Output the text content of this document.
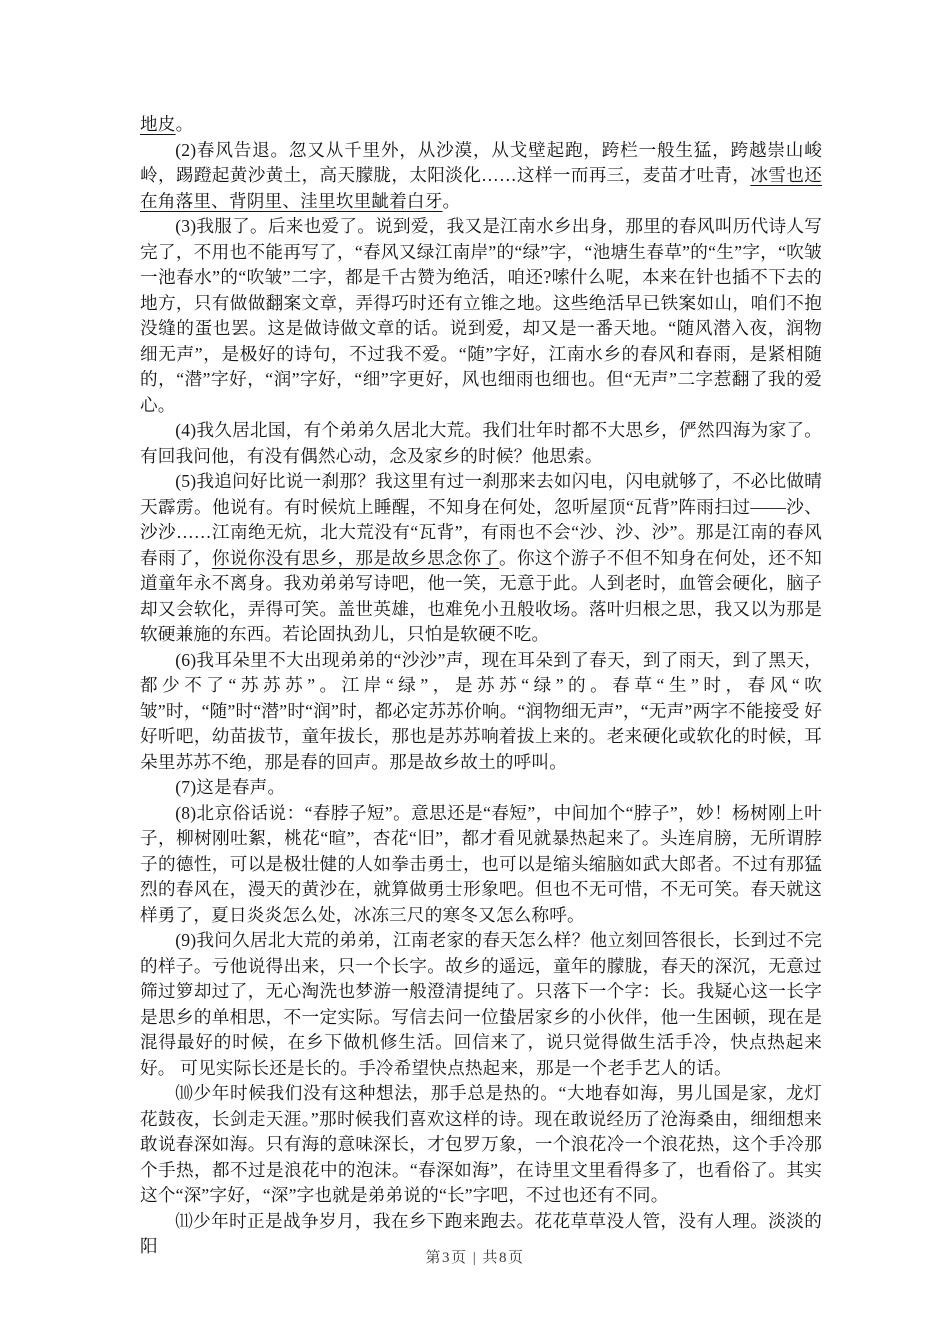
地皮。

(2)春风告退。忽又从千里外，从沙漠，从戈壁起跑，跨栏一般生猛，跨越崇山峻岭，踢蹬起黄沙黄土，高天朦胧，太阳淡化……这样一而再三，麦苗才吐青，冰雪也还在角落里、背阴里、洼里坎里龇着白牙。

(3)我服了。后来也爱了。说到爱，我又是江南水乡出身，那里的春风叫历代诗人写完了，不用也不能再写了，“春风又绿江南岸”的“绿”字，“池塘生春草”的“生”字，“吹皱一池春水”的“吹皱”二字，都是千古赞为绝活，咱还?嗦什么呢，本来在针也插不下去的地方，只有做做翻案文章，弄得巧时还有立锥之地。这些绝活早已铁案如山，咱们不抱没缝的蛋也罢。这是做诗做文章的话。说到爱，却又是一番天地。“随风潜入夜，润物细无声”，是极好的诗句，不过我不爱。“随”字好，江南水乡的春风和春雨，是紧相随的，“潜”字好，“润”字好，“细”字更好，风也细雨也细也。但“无声”二字惹翻了我的爱心。

(4)我久居北国，有个弟弟久居北大荒。我们壮年时都不大思乡，俨然四海为家了。有回我问他，有没有偶然心动，念及家乡的时候？他思索。

(5)我追问好比说一刹那？我这里有过一刹那来去如闪电，闪电就够了，不必比做晴天霹雳。他说有。有时候炕上睡醒，不知身在何处，忽听屋顶“瓦背”阵雨扫过——沙、沙沙……江南绝无炕，北大荒没有“瓦背”，有雨也不会“沙、沙、沙”。那是江南的春风春雨了，你说你没有思乡，那是故乡思念你了。你这个游子不但不知身在何处，还不知道童年永不离身。我劝弟弟写诗吧，他一笑，无意于此。人到老时，血管会硬化，脑子却又会软化，弄得可笑。盖世英雄，也难免小丑般收场。落叶归根之思，我又以为那是软硬兼施的东西。若论固执劲儿，只怕是软硬不吃。

(6)我耳朵里不大出现弟弟的“沙沙”声，现在耳朵到了春天，到了雨天，到了黑天，都少不了“苏苏苏”。江岸“绿”，是苏苏“绿”的。春草“生”时，春风“吹皱”时，“随”时“潜”时“润”时，都必定苏苏价响。“润物细无声”，“无声”两字不能接受 好好听吧，幼苗拔节，童年拔长，那也是苏苏响着拔上来的。老来硬化或软化的时候，耳朵里苏苏不绝，那是春的回声。那是故乡故土的呼叫。

(7)这是春声。

(8)北京俗话说：“春脖子短”。意思还是“春短”，中间加个“脖子”，妙！杨树刚上叶子，柳树刚吐絮，桃花“暄”，杏花“旧”，都才看见就暴热起来了。头连肩膀，无所谓脖子的德性，可以是极壮健的人如拳击勇士，也可以是缩头缩脑如武大郎者。不过有那猛烈的春风在，漫天的黄沙在，就算做勇士形象吧。但也不无可惜，不无可笑。春天就这样勇了，夏日炎炎怎么处，冰冻三尺的寒冬又怎么称呼。

(9)我问久居北大荒的弟弟，江南老家的春天怎么样？他立刻回答很长，长到过不完的样子。亏他说得出来，只一个长字。故乡的遥远，童年的朦胧，春天的深沉，无意过筛过箩却过了，无心淘洗也梦游一般澄清提纯了。只落下一个字：长。我疑心这一长字是思乡的单相思，不一定实际。写信去问一位蛰居家乡的小伙伴，他一生困顿，现在是混得最好的时候，在乡下做机修生活。回信来了，说只觉得做生活手冷，快点热起来好。 可见实际长还是长的。手冷希望快点热起来，那是一个老手艺人的话。

⑽少年时候我们没有这种想法，那手总是热的。“大地春如海，男儿国是家，龙灯花鼓夜，长剑走天涯。”那时候我们喜欢这样的诗。现在敢说经历了沧海桑由，细细想来敢说春深如海。只有海的意味深长，才包罗万象，一个浪花冷一个浪花热，这个手冷那个手热，都不过是浪花中的泡沫。“春深如海”，在诗里文里看得多了，也看俗了。其实这个“深”字好，“深”字也就是弟弟说的“长”字吧，不过也还有不同。

⑾少年时正是战争岁月，我在乡下跑来跑去。花花草草没人管，没有人理。淡淡的阳

第3页 | 共8页
